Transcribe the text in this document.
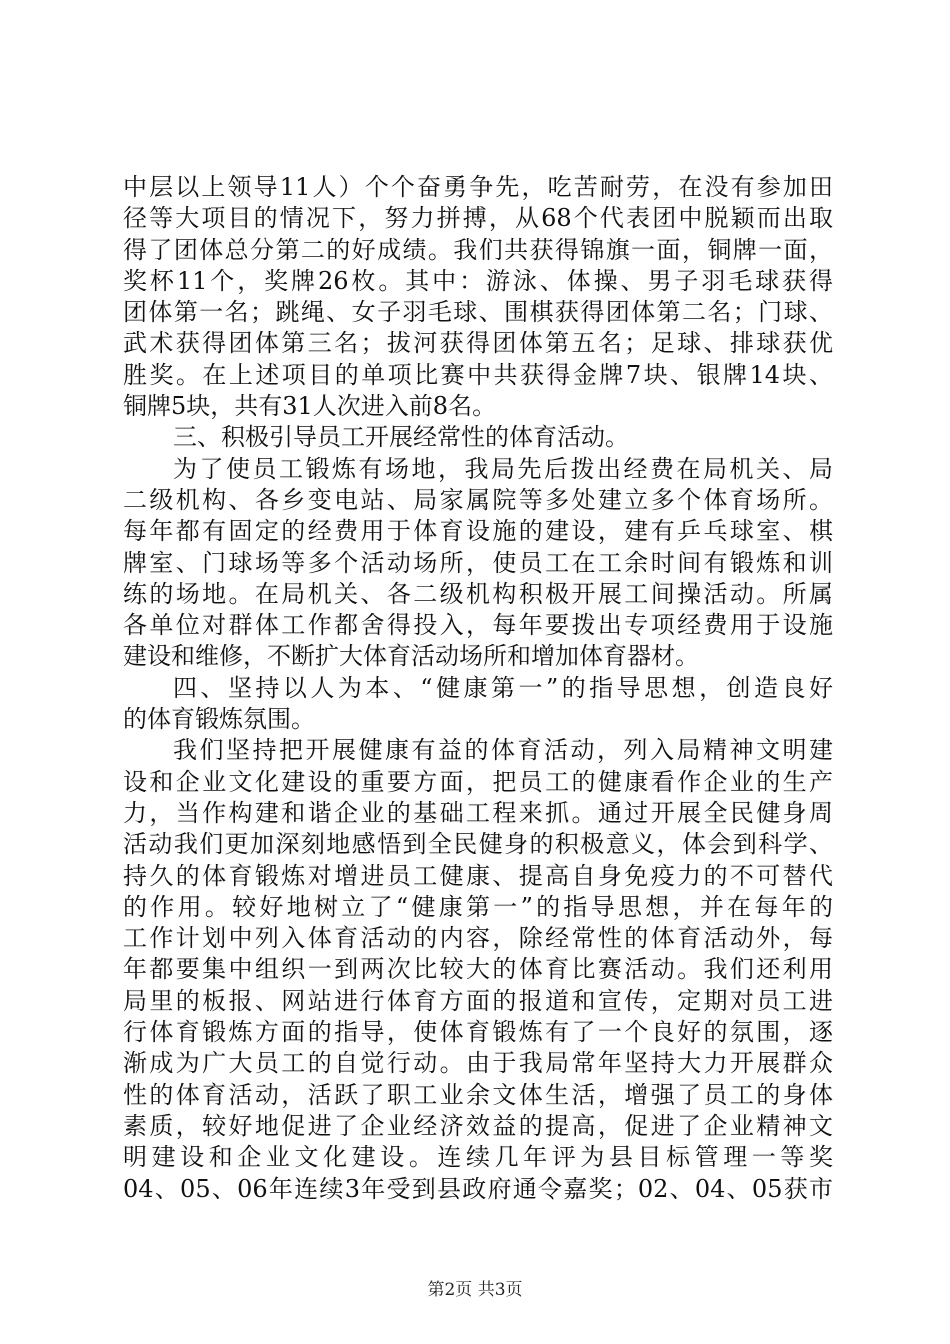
中层以上领导11人）个个奋勇争先，吃苦耐劳，在没有参加田
径等大项目的情况下，努力拼搏，从68个代表团中脱颖而出取
得了团体总分第二的好成绩。我们共获得锦旗一面，铜牌一面，
奖杯11个，奖牌26枚。其中：游泳、体操、男子羽毛球获得
团体第一名；跳绳、女子羽毛球、围棋获得团体第二名；门球、
武术获得团体第三名；拔河获得团体第五名；足球、排球获优
胜奖。在上述项目的单项比赛中共获得金牌7块、银牌14块、
铜牌5块，共有31人次进入前8名。
三、积极引导员工开展经常性的体育活动。
为了使员工锻炼有场地，我局先后拨出经费在局机关、局
二级机构、各乡变电站、局家属院等多处建立多个体育场所。
每年都有固定的经费用于体育设施的建设，建有乒乓球室、棋
牌室、门球场等多个活动场所，使员工在工余时间有锻炼和训
练的场地。在局机关、各二级机构积极开展工间操活动。所属
各单位对群体工作都舍得投入，每年要拨出专项经费用于设施
建设和维修，不断扩大体育活动场所和增加体育器材。
四、坚持以人为本、“健康第一”的指导思想，创造良好
的体育锻炼氛围。
我们坚持把开展健康有益的体育活动，列入局精神文明建
设和企业文化建设的重要方面，把员工的健康看作企业的生产
力，当作构建和谐企业的基础工程来抓。通过开展全民健身周
活动我们更加深刻地感悟到全民健身的积极意义，体会到科学、
持久的体育锻炼对增进员工健康、提高自身免疫力的不可替代
的作用。较好地树立了“健康第一”的指导思想，并在每年的
工作计划中列入体育活动的内容，除经常性的体育活动外，每
年都要集中组织一到两次比较大的体育比赛活动。我们还利用
局里的板报、网站进行体育方面的报道和宣传，定期对员工进
行体育锻炼方面的指导，使体育锻炼有了一个良好的氛围，逐
渐成为广大员工的自觉行动。由于我局常年坚持大力开展群众
性的体育活动，活跃了职工业余文体生活，增强了员工的身体
素质，较好地促进了企业经济效益的提高，促进了企业精神文
明建设和企业文化建设。连续几年评为县目标管理一等奖
04、05、06年连续3年受到县政府通令嘉奖；02、04、05获市
第2页 共3页
